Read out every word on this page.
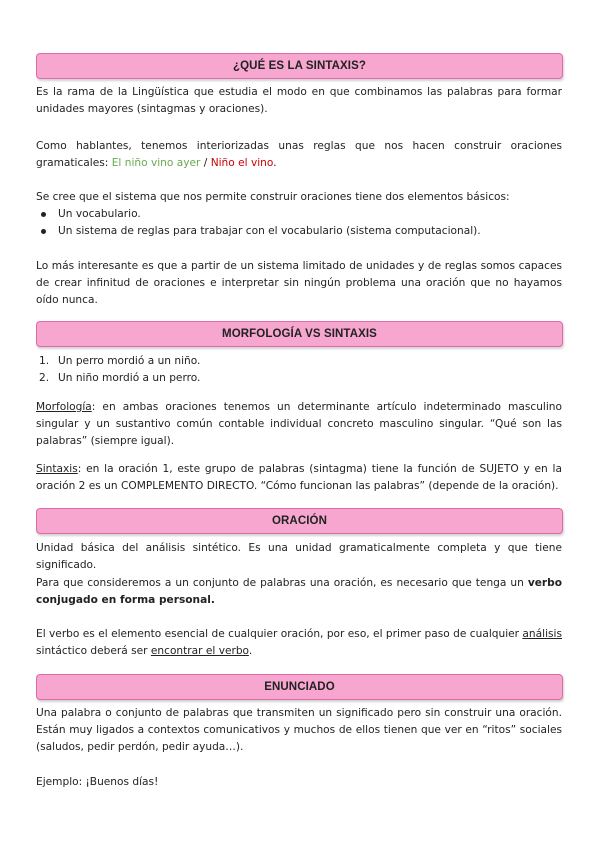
¿QUÉ ES LA SINTAXIS?
Es la rama de la Lingüística que estudia el modo en que combinamos las palabras para formar unidades mayores (sintagmas y oraciones).
Como hablantes, tenemos interiorizadas unas reglas que nos hacen construir oraciones gramaticales: El niño vino ayer / Niño el vino.
Se cree que el sistema que nos permite construir oraciones tiene dos elementos básicos:
Un vocabulario.
Un sistema de reglas para trabajar con el vocabulario (sistema computacional).
Lo más interesante es que a partir de un sistema limitado de unidades y de reglas somos capaces de crear infinitud de oraciones e interpretar sin ningún problema una oración que no hayamos oído nunca.
MORFOLOGÍA VS SINTAXIS
1. Un perro mordió a un niño.
2. Un niño mordió a un perro.
Morfología: en ambas oraciones tenemos un determinante artículo indeterminado masculino singular y un sustantivo común contable individual concreto masculino singular. “Qué son las palabras” (siempre igual).
Sintaxis: en la oración 1, este grupo de palabras (sintagma) tiene la función de SUJETO y en la oración 2 es un COMPLEMENTO DIRECTO. “Cómo funcionan las palabras” (depende de la oración).
ORACIÓN
Unidad básica del análisis sintético. Es una unidad gramaticalmente completa y que tiene significado.
Para que consideremos a un conjunto de palabras una oración, es necesario que tenga un verbo conjugado en forma personal.
El verbo es el elemento esencial de cualquier oración, por eso, el primer paso de cualquier análisis sintáctico deberá ser encontrar el verbo.
ENUNCIADO
Una palabra o conjunto de palabras que transmiten un significado pero sin construir una oración. Están muy ligados a contextos comunicativos y muchos de ellos tienen que ver en “ritos” sociales (saludos, pedir perdón, pedir ayuda…).
Ejemplo: ¡Buenos días!
